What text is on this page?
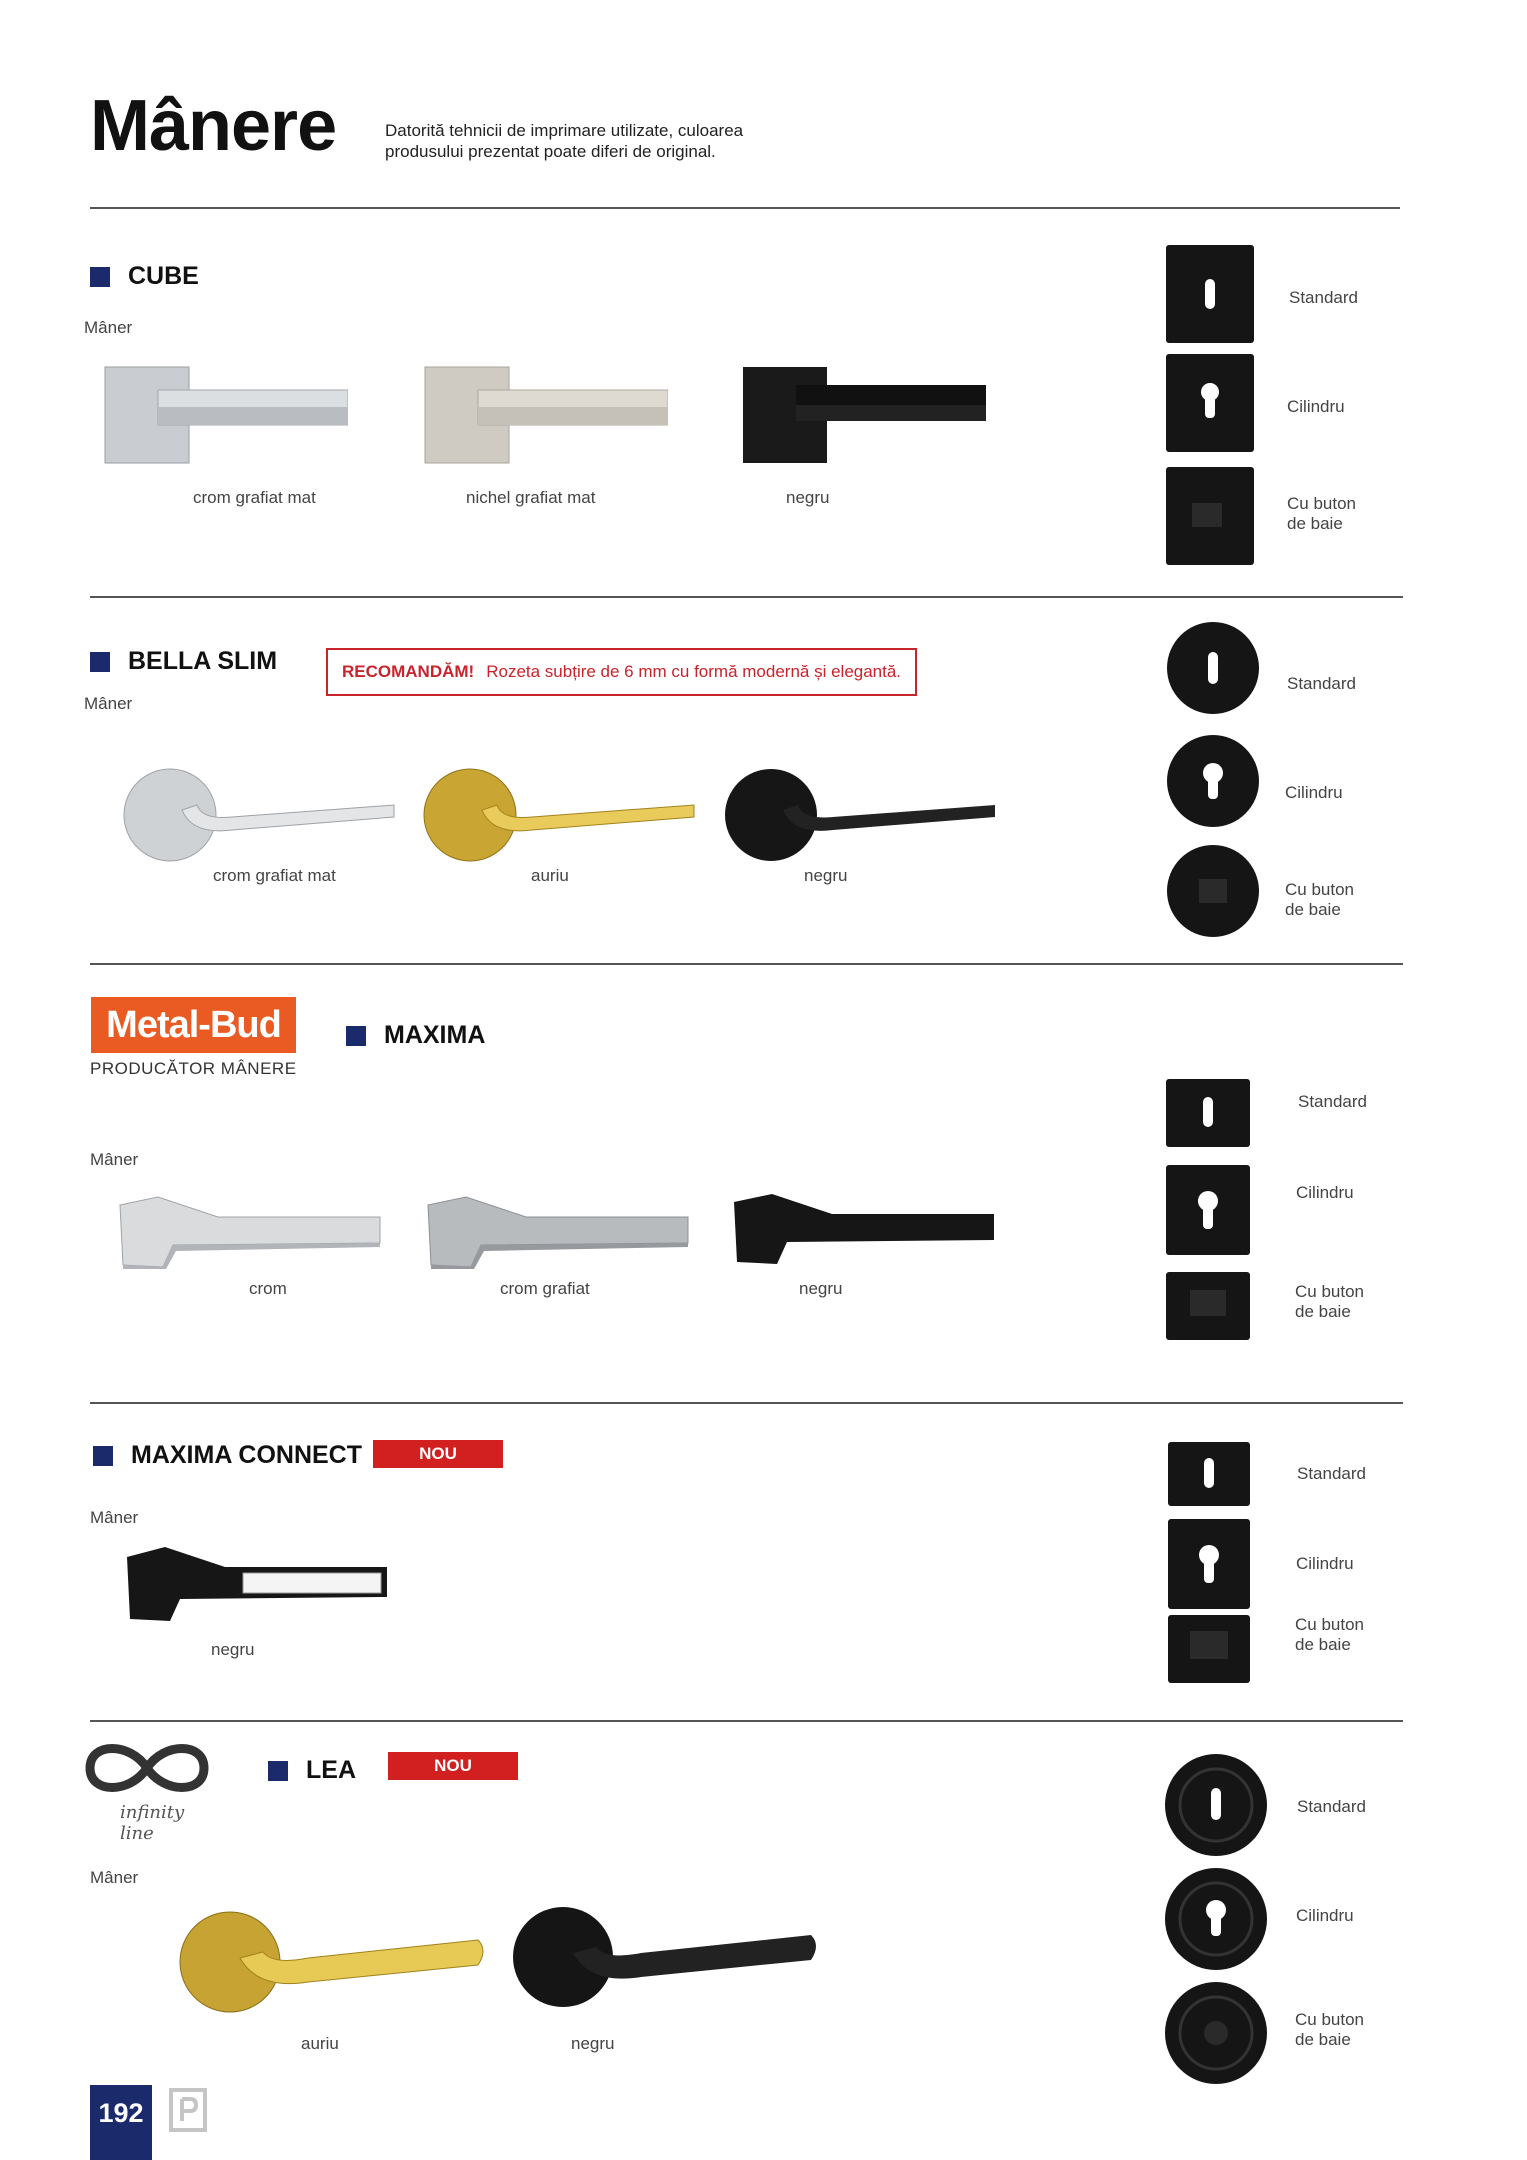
Mânere	Datorită tehnicii de imprimare utilizate, culoarea produsului prezentat poate diferi de original.
CUBE
Mâner
crom grafiat mat	nichel grafiat mat	negru
Standard
Cilindru
Cu buton
de baie
BELLA SLIM	RECOMANDĂM! Rozeta subțire de 6 mm cu formă modernă și elegantă.
Mâner
crom grafiat mat	auriu	negru
Standard
Cilindru
Cu buton
de baie
Metal-Bud
PRODUCĂTOR MÂNERE
MAXIMA
Mâner
crom	crom grafiat	negru
Standard
Cilindru
Cu buton
de baie
MAXIMA CONNECT	NOU
Mâner
negru
Standard
Cilindru
Cu buton
de baie
infinity line
LEA	NOU
Mâner
auriu	negru
Standard
Cilindru
Cu buton
de baie
192
